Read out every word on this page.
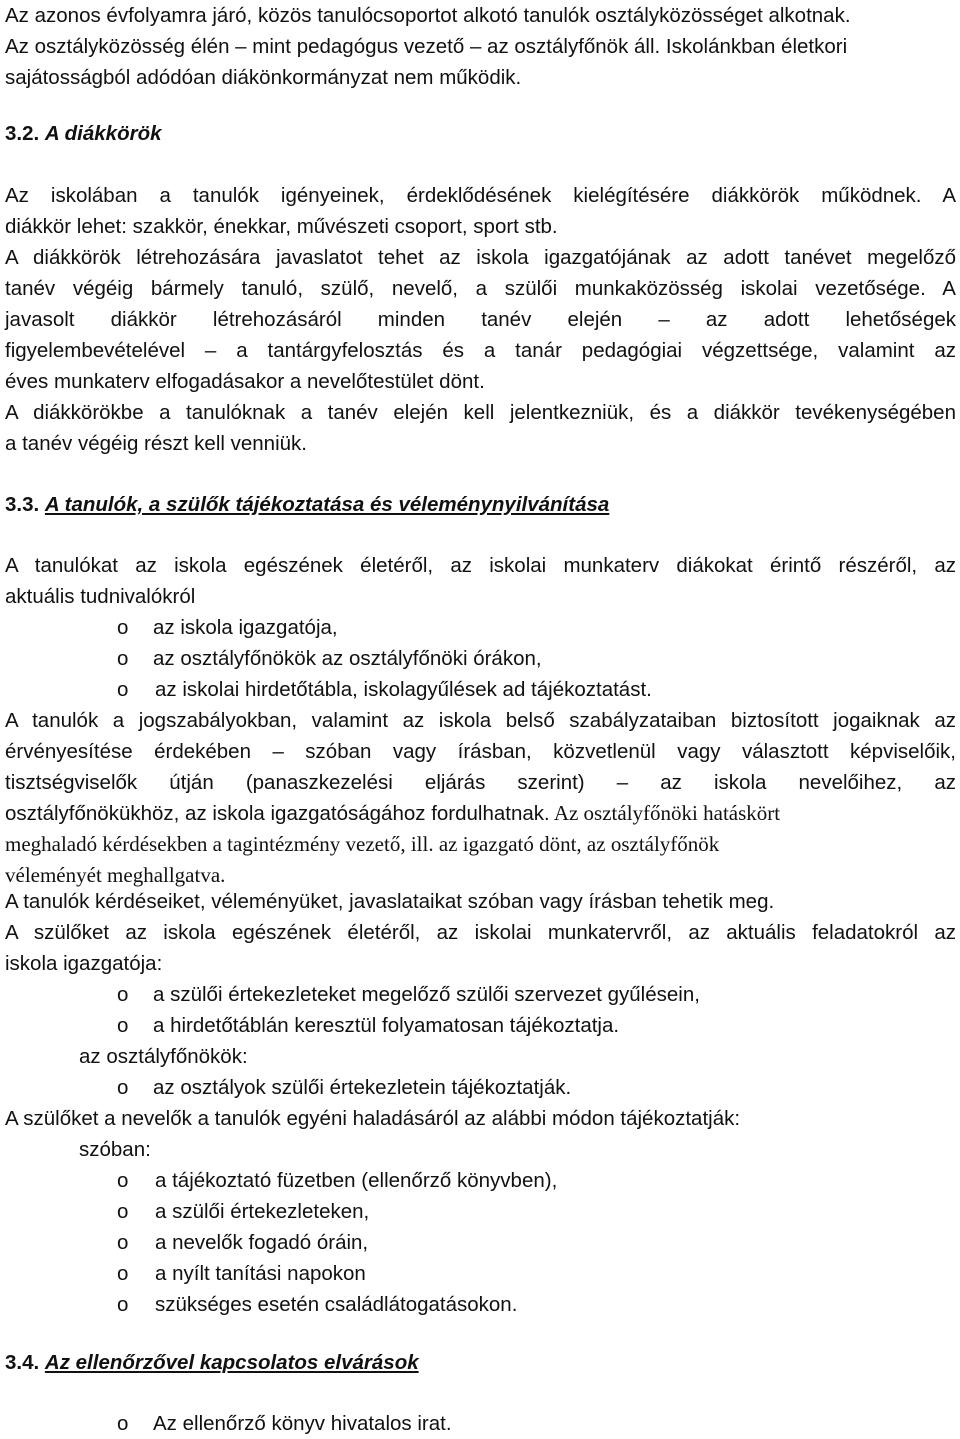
Az azonos évfolyamra járó, közös tanulócsoportot alkotó tanulók osztályközösséget alkotnak.
Az osztályközösség élén – mint pedagógus vezető – az osztályfőnök áll. Iskolánkban életkori
sajátosságból adódóan diákönkormányzat nem működik.
3.2. A diákkörök
Az iskolában a tanulók igényeinek, érdeklődésének kielégítésére diákkörök működnek. A
diákkör lehet: szakkör, énekkar, művészeti csoport, sport stb.
A diákkörök létrehozására javaslatot tehet az iskola igazgatójának az adott tanévet megelőző
tanév végéig bármely tanuló, szülő, nevelő, a szülői munkaközösség iskolai vezetősége. A
javasolt diákkör létrehozásáról minden tanév elején – az adott lehetőségek
figyelembevételével – a tantárgyfelosztás és a tanár pedagógiai végzettsége, valamint az
éves munkaterv elfogadásakor a nevelőtestület dönt.
A diákkörökbe a tanulóknak a tanév elején kell jelentkezniük, és a diákkör tevékenységében
a tanév végéig részt kell venniük.
3.3. A tanulók, a szülők tájékoztatása és véleménynyilvánítása
A tanulókat az iskola egészének életéről, az iskolai munkaterv diákokat érintő részéről, az
aktuális tudnivalókról
o az iskola igazgatója,
o az osztályfőnökök az osztályfőnöki órákon,
o az iskolai hirdetőtábla, iskolagyűlések ad tájékoztatást.
A tanulók a jogszabályokban, valamint az iskola belső szabályzataiban biztosított jogaiknak az
érvényesítése érdekében – szóban vagy írásban, közvetlenül vagy választott képviselőik,
tisztségviselők útján (panaszkezelési eljárás szerint) – az iskola nevelőihez, az
osztályfőnökükhöz, az iskola igazgatóságához fordulhatnak. Az osztályfőnöki hatáskört
meghaladó kérdésekben a tagintézmény vezető, ill. az igazgató dönt, az osztályfőnök
véleményét meghallgatva.
A tanulók kérdéseiket, véleményüket, javaslataikat szóban vagy írásban tehetik meg.
A szülőket az iskola egészének életéről, az iskolai munkatervről, az aktuális feladatokról az
iskola igazgatója:
o a szülői értekezleteket megelőző szülői szervezet gyűlésein,
o a hirdetőtáblán keresztül folyamatosan tájékoztatja.
az osztályfőnökök:
o az osztályok szülői értekezletein tájékoztatják.
A szülőket a nevelők a tanulók egyéni haladásáról az alábbi módon tájékoztatják:
szóban:
o a tájékoztató füzetben (ellenőrző könyvben),
o a szülői értekezleteken,
o a nevelők fogadó óráin,
o a nyílt tanítási napokon
o szükséges esetén családlátogatásokon.
3.4. Az ellenőrzővel kapcsolatos elvárások
o Az ellenőrző könyv hivatalos irat.
